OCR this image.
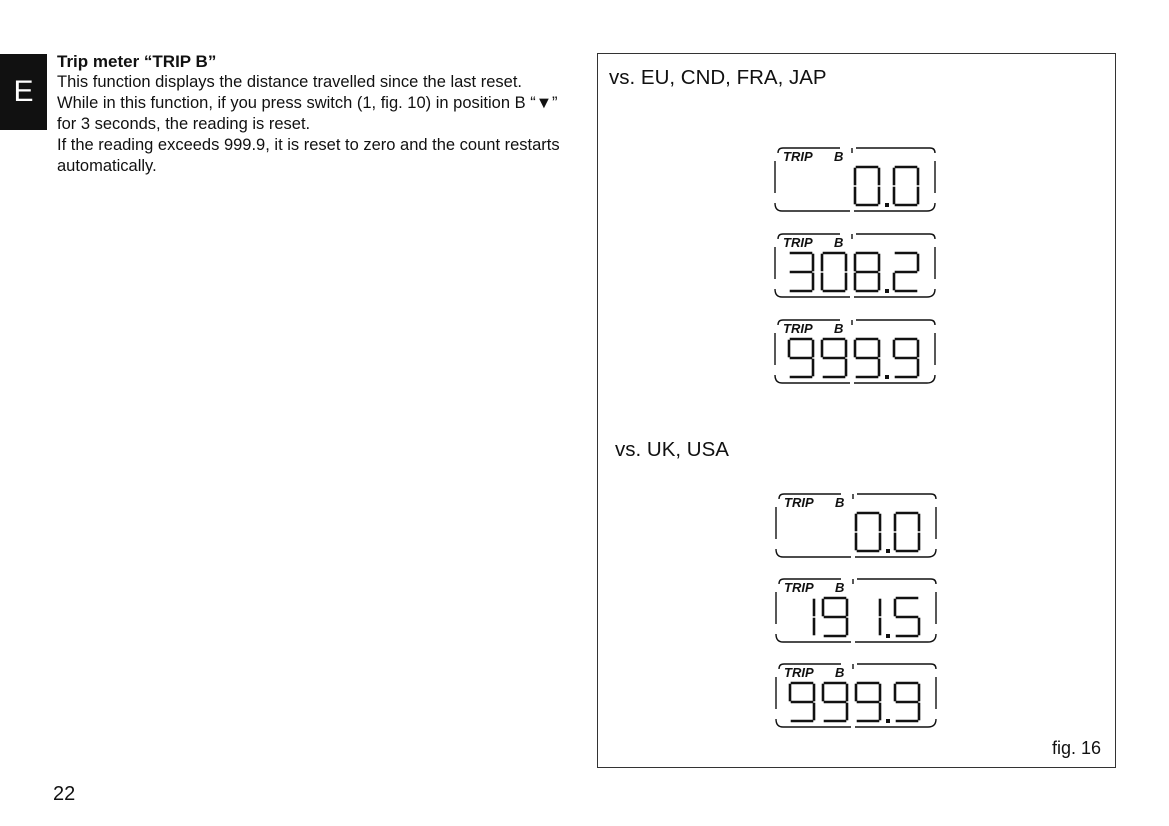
E

Trip meter “TRIP B”

This function displays the distance travelled since the last reset.

While in this function, if you press switch (1, fig. 10) in position B “▼” for 3 seconds, the reading is reset.

If the reading exceeds 999.9, it is reset to zero and the count restarts automatically.

22
vs. EU, CND, FRA, JAP
vs. UK, USA
TRIP B
TRIP B
TRIP B
TRIP B
TRIP B
TRIP B
fig. 16
